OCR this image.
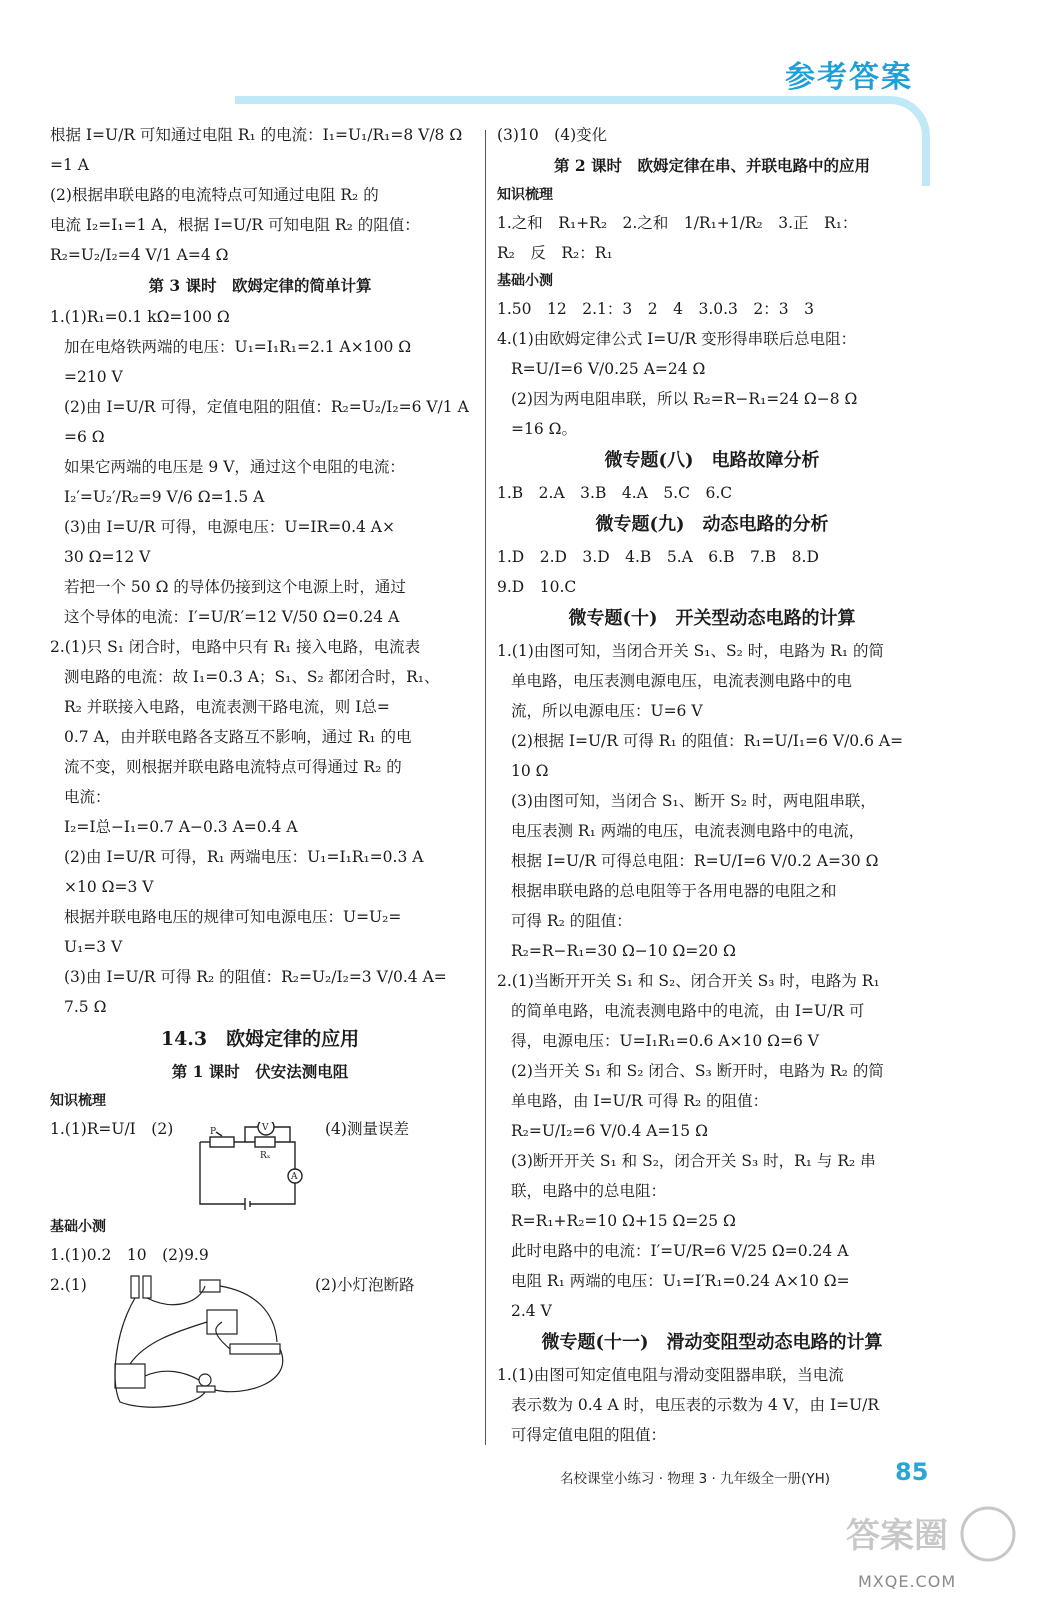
参考答案
根据 I=U/R 可知通过电阻 R₁ 的电流：I₁=U₁/R₁=8 V/8 Ω
=1 A
(2)根据串联电路的电流特点可知通过电阻 R₂ 的
电流 I₂=I₁=1 A，根据 I=U/R 可知电阻 R₂ 的阻值：
R₂=U₂/I₂=4 V/1 A=4 Ω
第 3 课时　欧姆定律的简单计算
1.(1)R₁=0.1 kΩ=100 Ω
加在电烙铁两端的电压：U₁=I₁R₁=2.1 A×100 Ω
=210 V
(2)由 I=U/R 可得，定值电阻的阻值：R₂=U₂/I₂=6 V/1 A
=6 Ω
如果它两端的电压是 9 V，通过这个电阻的电流：
I₂′=U₂′/R₂=9 V/6 Ω=1.5 A
(3)由 I=U/R 可得，电源电压：U=IR=0.4 A×
30 Ω=12 V
若把一个 50 Ω 的导体仍接到这个电源上时，通过
这个导体的电流：I′=U/R′=12 V/50 Ω=0.24 A
2.(1)只 S₁ 闭合时，电路中只有 R₁ 接入电路，电流表
测电路的电流：故 I₁=0.3 A；S₁、S₂ 都闭合时，R₁、
R₂ 并联接入电路，电流表测干路电流，则 I总=
0.7 A，由并联电路各支路互不影响，通过 R₁ 的电
流不变，则根据并联电路电流特点可得通过 R₂ 的
电流：
I₂=I总−I₁=0.7 A−0.3 A=0.4 A
(2)由 I=U/R 可得，R₁ 两端电压：U₁=I₁R₁=0.3 A
×10 Ω=3 V
根据并联电路电压的规律可知电源电压：U=U₂=
U₁=3 V
(3)由 I=U/R 可得 R₂ 的阻值：R₂=U₂/I₂=3 V/0.4 A=
7.5 Ω
14.3　欧姆定律的应用
第 1 课时　伏安法测电阻
知识梳理
1.(1)R=U/I　(2)	P	V
Rₓ
A
(4)测量误差
基础小测
1.(1)0.2　10　(2)9.9
2.(1)	(2)小灯泡断路
(3)10　(4)变化
第 2 课时　欧姆定律在串、并联电路中的应用
知识梳理
1.之和　R₁+R₂　2.之和　1/R₁+1/R₂　3.正　R₁：
R₂　反　R₂：R₁
基础小测
1.50　12　2.1：3　2　4　3.0.3　2：3　3
4.(1)由欧姆定律公式 I=U/R 变形得串联后总电阻：
R=U/I=6 V/0.25 A=24 Ω
(2)因为两电阻串联，所以 R₂=R−R₁=24 Ω−8 Ω
=16 Ω。
微专题(八)　电路故障分析
1.B　2.A　3.B　4.A　5.C　6.C
微专题(九)　动态电路的分析
1.D　2.D　3.D　4.B　5.A　6.B　7.B　8.D
9.D　10.C
微专题(十)　开关型动态电路的计算
1.(1)由图可知，当闭合开关 S₁、S₂ 时，电路为 R₁ 的简
单电路，电压表测电源电压，电流表测电路中的电
流，所以电源电压：U=6 V
(2)根据 I=U/R 可得 R₁ 的阻值：R₁=U/I₁=6 V/0.6 A=
10 Ω
(3)由图可知，当闭合 S₁、断开 S₂ 时，两电阻串联，
电压表测 R₁ 两端的电压，电流表测电路中的电流，
根据 I=U/R 可得总电阻：R=U/I=6 V/0.2 A=30 Ω
根据串联电路的总电阻等于各用电器的电阻之和
可得 R₂ 的阻值：
R₂=R−R₁=30 Ω−10 Ω=20 Ω
2.(1)当断开开关 S₁ 和 S₂、闭合开关 S₃ 时，电路为 R₁
的简单电路，电流表测电路中的电流，由 I=U/R 可
得，电源电压：U=I₁R₁=0.6 A×10 Ω=6 V
(2)当开关 S₁ 和 S₂ 闭合、S₃ 断开时，电路为 R₂ 的简
单电路，由 I=U/R 可得 R₂ 的阻值：
R₂=U/I₂=6 V/0.4 A=15 Ω
(3)断开开关 S₁ 和 S₂，闭合开关 S₃ 时，R₁ 与 R₂ 串
联，电路中的总电阻：
R=R₁+R₂=10 Ω+15 Ω=25 Ω
此时电路中的电流：I′=U/R=6 V/25 Ω=0.24 A
电阻 R₁ 两端的电压：U₁=I′R₁=0.24 A×10 Ω=
2.4 V
微专题(十一)　滑动变阻型动态电路的计算
1.(1)由图可知定值电阻与滑动变阻器串联，当电流
表示数为 0.4 A 时，电压表的示数为 4 V，由 I=U/R
可得定值电阻的阻值：
名校课堂小练习 · 物理 3 · 九年级全一册(YH)	85
答案圈
MXQE.COM
